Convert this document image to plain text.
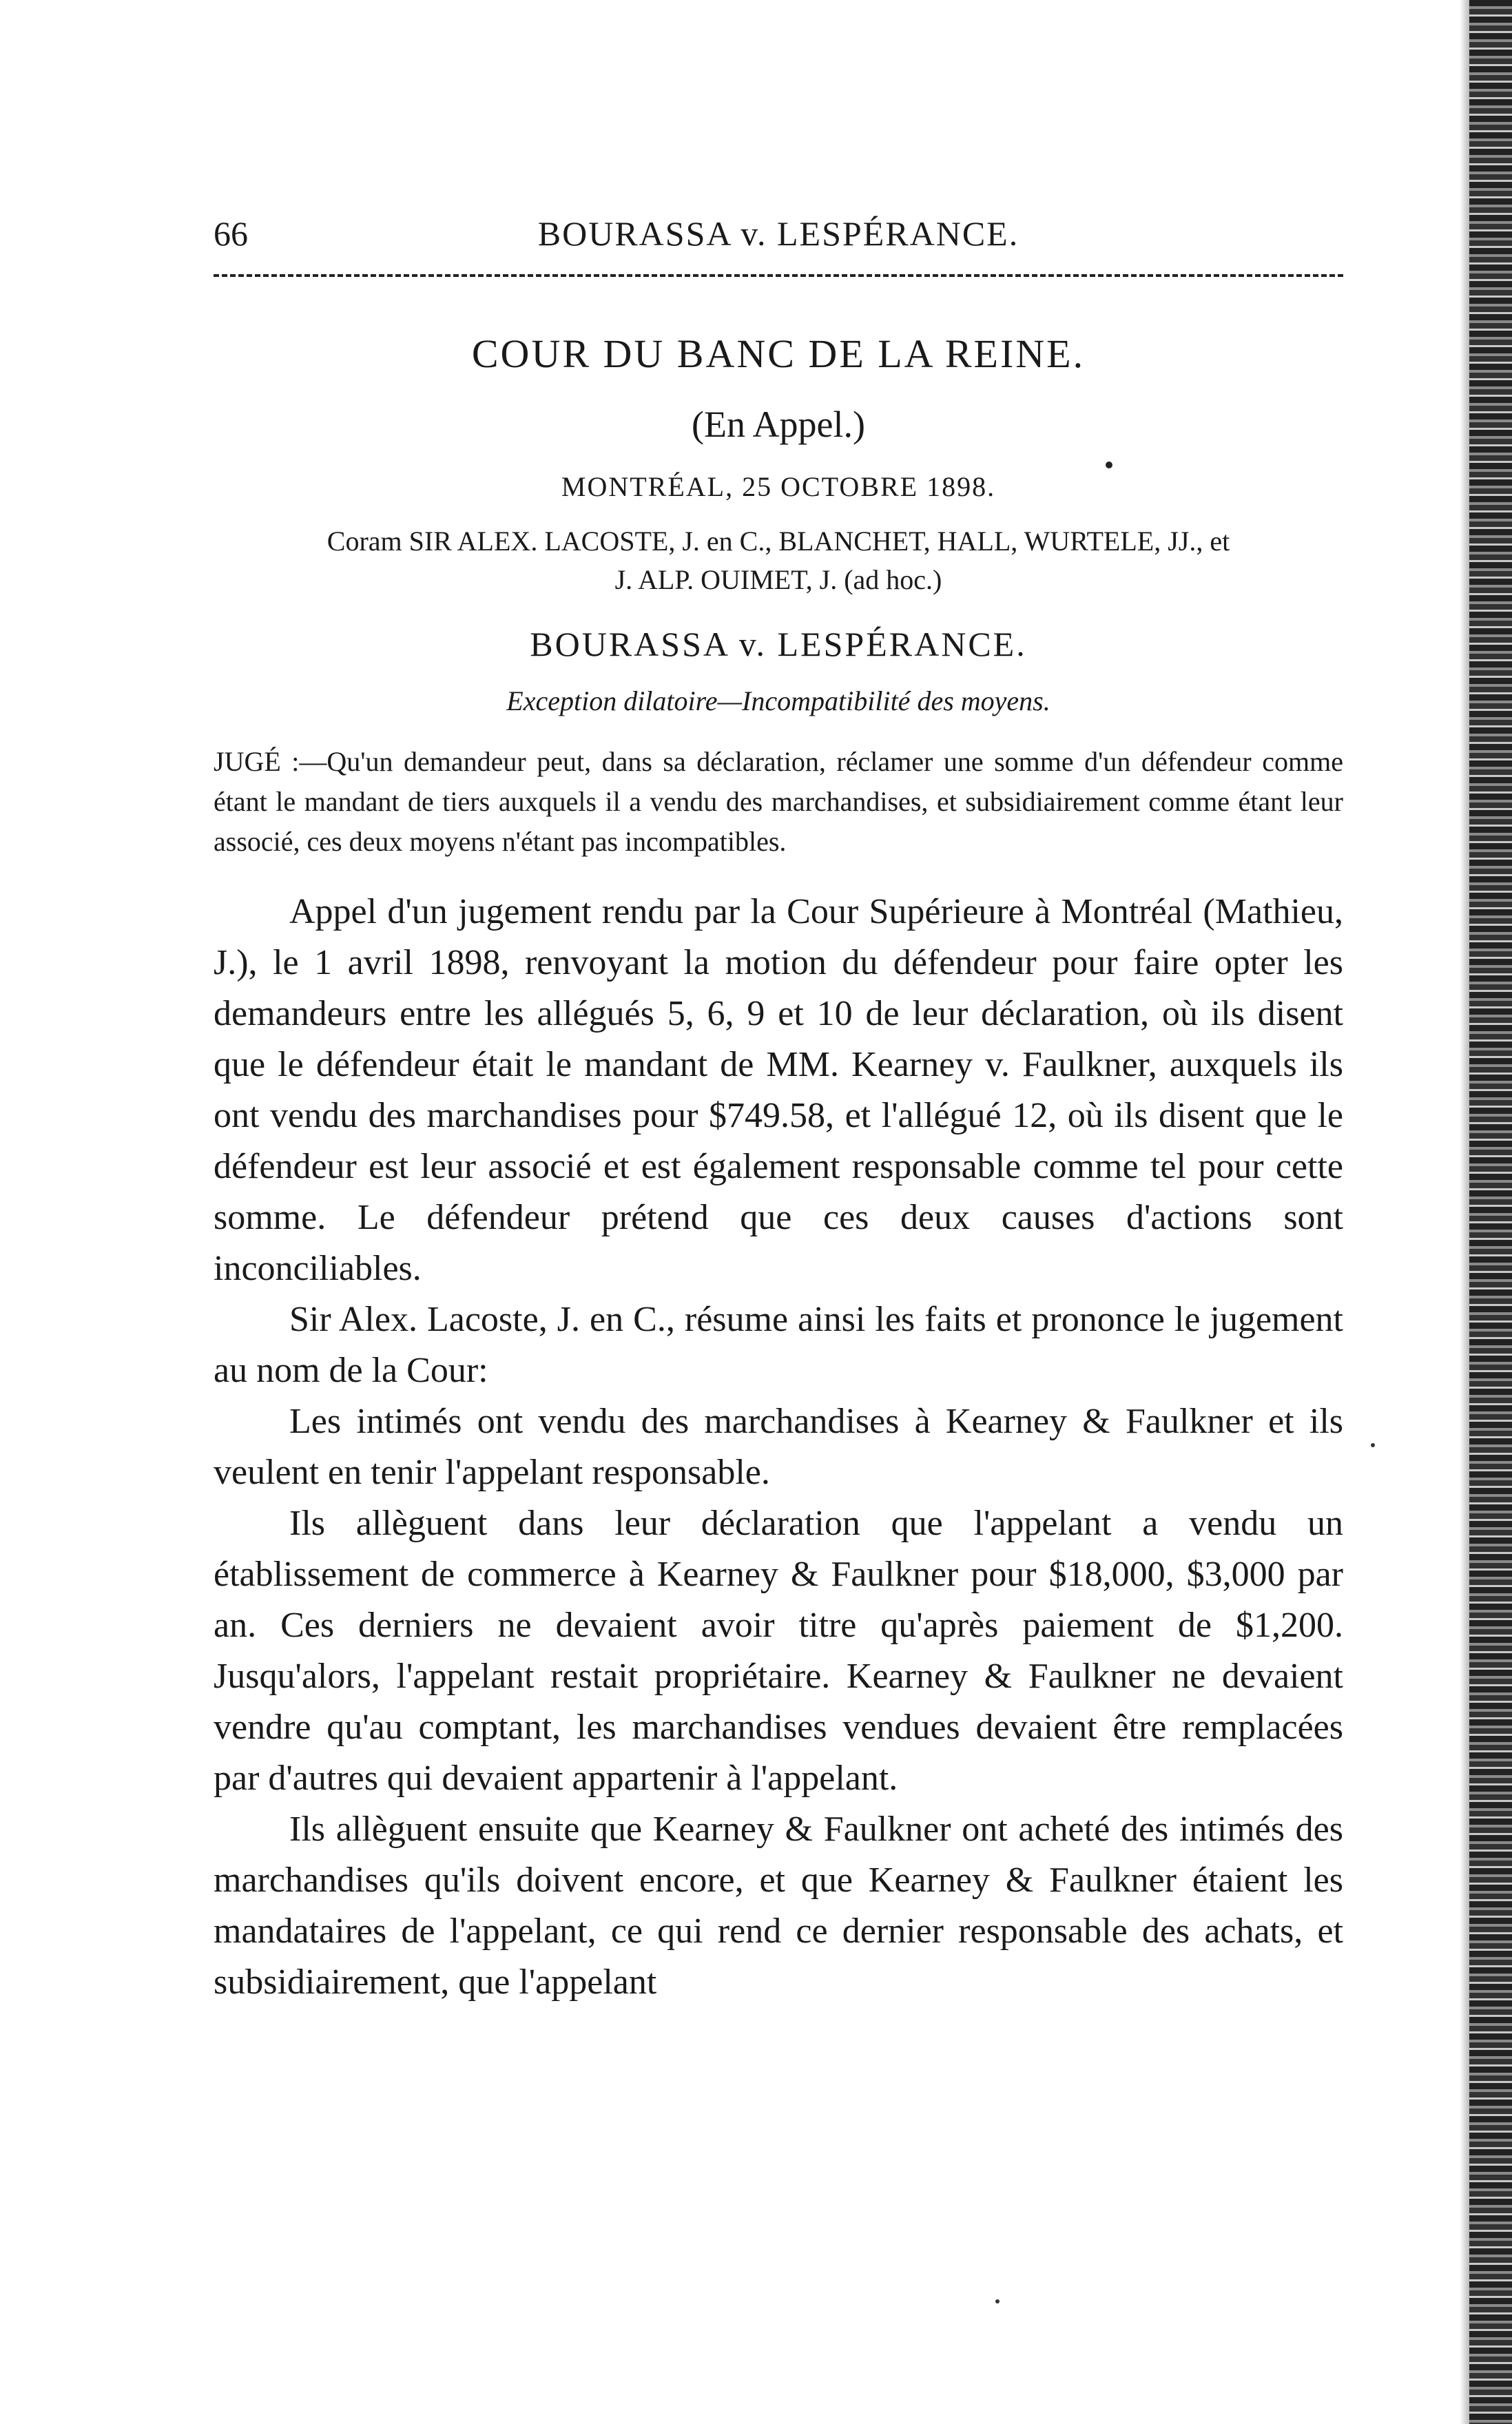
66	BOURASSA v. LESPÉRANCE.
COUR DU BANC DE LA REINE.
(En Appel.)
MONTRÉAL, 25 OCTOBRE 1898.
Coram SIR ALEX. LACOSTE, J. en C., BLANCHET, HALL, WURTELE, JJ., et
J. ALP. OUIMET, J. (ad hoc.)
BOURASSA v. LESPÉRANCE.
Exception dilatoire—Incompatibilité des moyens.
JUGÉ :—Qu'un demandeur peut, dans sa déclaration, réclamer une somme d'un défendeur comme étant le mandant de tiers auxquels il a vendu des marchandises, et subsidiairement comme étant leur associé, ces deux moyens n'étant pas incompatibles.

Appel d'un jugement rendu par la Cour Supérieure à Montréal (Mathieu, J.), le 1 avril 1898, renvoyant la motion du défendeur pour faire opter les demandeurs entre les allégués 5, 6, 9 et 10 de leur déclaration, où ils disent que le défendeur était le mandant de MM. Kearney v. Faulkner, auxquels ils ont vendu des marchandises pour $749.58, et l'allégué 12, où ils disent que le défendeur est leur associé et est également responsable comme tel pour cette somme. Le défendeur prétend que ces deux causes d'actions sont inconciliables.

Sir Alex. Lacoste, J. en C., résume ainsi les faits et prononce le jugement au nom de la Cour:

Les intimés ont vendu des marchandises à Kearney & Faulkner et ils veulent en tenir l'appelant responsable.

Ils allèguent dans leur déclaration que l'appelant a vendu un établissement de commerce à Kearney & Faulkner pour $18,000, $3,000 par an. Ces derniers ne devaient avoir titre qu'après paiement de $1,200. Jusqu'alors, l'appelant restait propriétaire. Kearney & Faulkner ne devaient vendre qu'au comptant, les marchandises vendues devaient être remplacées par d'autres qui devaient appartenir à l'appelant.

Ils allèguent ensuite que Kearney & Faulkner ont acheté des intimés des marchandises qu'ils doivent encore, et que Kearney & Faulkner étaient les mandataires de l'appelant, ce qui rend ce dernier responsable des achats, et subsidiairement, que l'appelant
